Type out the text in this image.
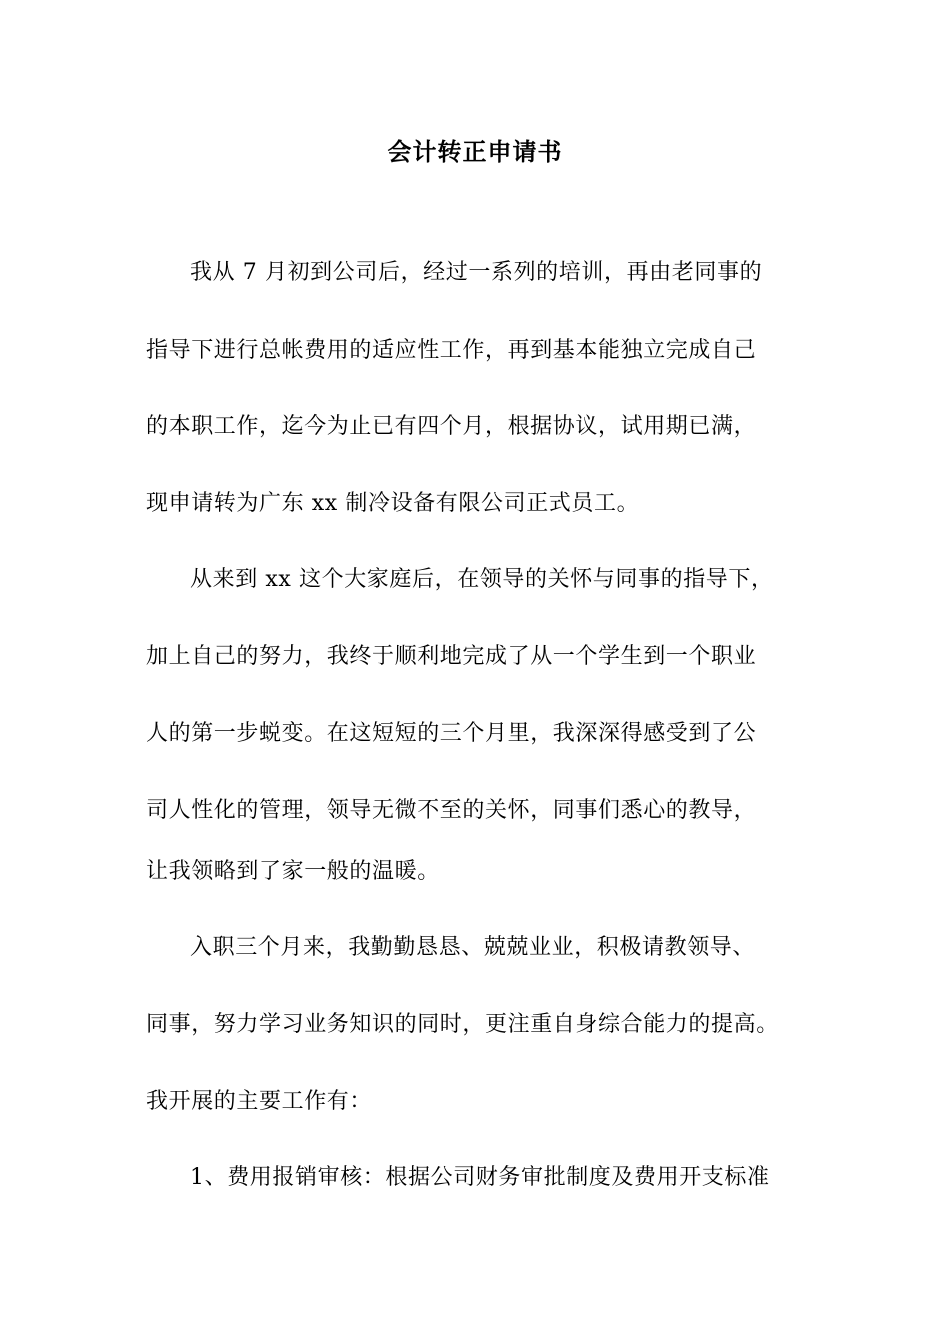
会计转正申请书
我从 7 月初到公司后，经过一系列的培训，再由老同事的
指导下进行总帐费用的适应性工作，再到基本能独立完成自己
的本职工作，迄今为止已有四个月，根据协议，试用期已满，
现申请转为广东 xx 制冷设备有限公司正式员工。
从来到 xx 这个大家庭后，在领导的关怀与同事的指导下，
加上自己的努力，我终于顺利地完成了从一个学生到一个职业
人的第一步蜕变。在这短短的三个月里，我深深得感受到了公
司人性化的管理，领导无微不至的关怀，同事们悉心的教导，
让我领略到了家一般的温暖。
入职三个月来，我勤勤恳恳、兢兢业业，积极请教领导、
同事，努力学习业务知识的同时，更注重自身综合能力的提高。
我开展的主要工作有：
1、费用报销审核：根据公司财务审批制度及费用开支标准
